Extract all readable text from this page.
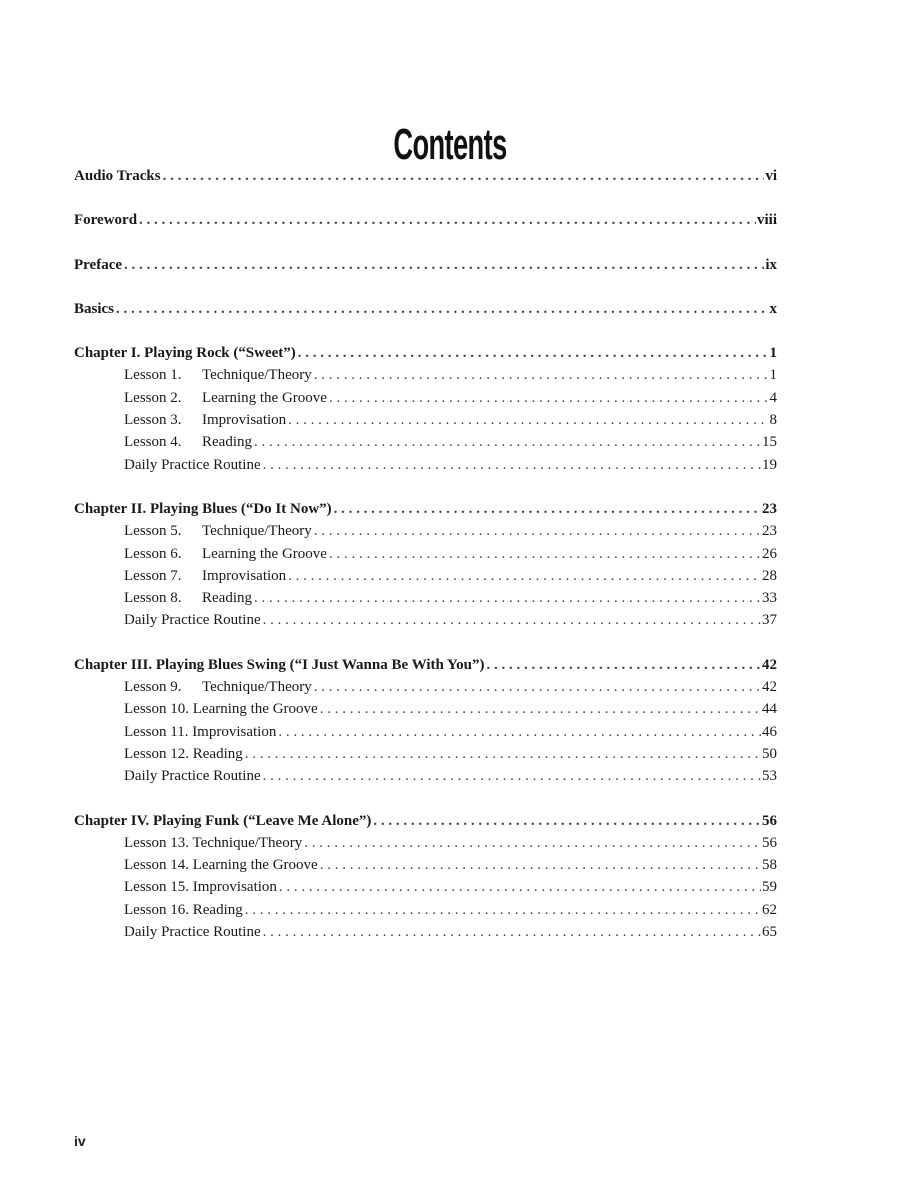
Contents
Audio Tracks . . .	vi
Foreword . . .	viii
Preface . . .	ix
Basics . . .	x
Chapter I. Playing Rock (“Sweet”) . . .	1
Lesson 1. Technique/Theory . . .	1
Lesson 2. Learning the Groove . . .	4
Lesson 3. Improvisation . . .	8
Lesson 4. Reading . . .	15
Daily Practice Routine . . .	19
Chapter II. Playing Blues (“Do It Now”) . . .	23
Lesson 5. Technique/Theory . . .	23
Lesson 6. Learning the Groove . . .	26
Lesson 7. Improvisation . . .	28
Lesson 8. Reading . . .	33
Daily Practice Routine . . .	37
Chapter III. Playing Blues Swing (“I Just Wanna Be With You”) . . .	42
Lesson 9. Technique/Theory . . .	42
Lesson 10. Learning the Groove . . .	44
Lesson 11. Improvisation . . .	46
Lesson 12. Reading . . .	50
Daily Practice Routine . . .	53
Chapter IV. Playing Funk (“Leave Me Alone”) . . .	56
Lesson 13. Technique/Theory . . .	56
Lesson 14. Learning the Groove . . .	58
Lesson 15. Improvisation . . .	59
Lesson 16. Reading . . .	62
Daily Practice Routine . . .	65
iv
